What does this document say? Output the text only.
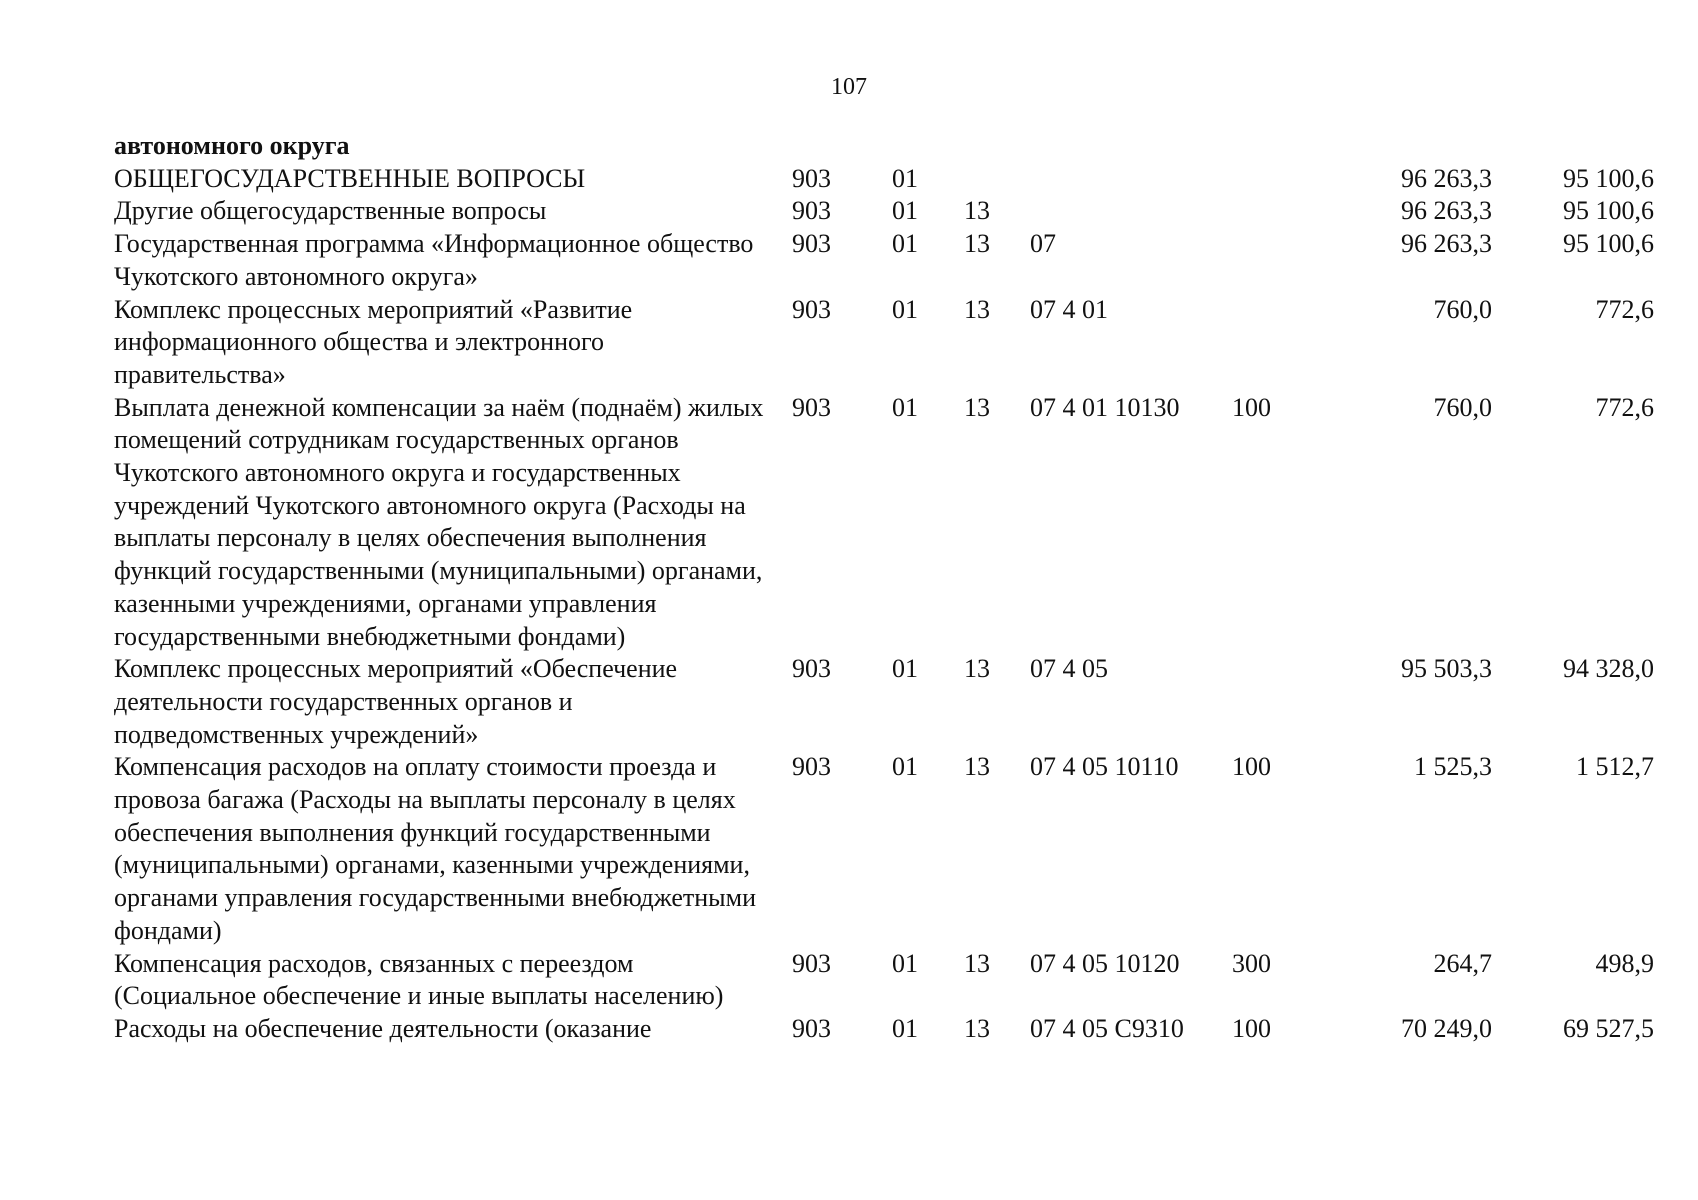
107
автономного округа							
ОБЩЕГОСУДАРСТВЕННЫЕ ВОПРОСЫ	903	01				96 263,3	95 100,6
Другие общегосударственные вопросы	903	01	13			96 263,3	95 100,6
Государственная программа «Информационное общество Чукотского автономного округа»	903	01	13	07		96 263,3	95 100,6
Комплекс процессных мероприятий «Развитие информационного общества и электронного правительства»	903	01	13	07 4 01		760,0	772,6
Выплата денежной компенсации за наём (поднаём) жилых помещений сотрудникам государственных органов Чукотского автономного округа и государственных учреждений Чукотского автономного округа (Расходы на выплаты персоналу в целях обеспечения выполнения функций государственными (муниципальными) органами, казенными учреждениями, органами управления государственными внебюджетными фондами)	903	01	13	07 4 01 10130	100	760,0	772,6
Комплекс процессных мероприятий «Обеспечение деятельности государственных органов и подведомственных учреждений»	903	01	13	07 4 05		95 503,3	94 328,0
Компенсация расходов на оплату стоимости проезда и провоза багажа (Расходы на выплаты персоналу в целях обеспечения выполнения функций государственными (муниципальными) органами, казенными учреждениями, органами управления государственными внебюджетными фондами)	903	01	13	07 4 05 10110	100	1 525,3	1 512,7
Компенсация расходов, связанных с переездом (Социальное обеспечение и иные выплаты населению)	903	01	13	07 4 05 10120	300	264,7	498,9
Расходы на обеспечение деятельности (оказание	903	01	13	07 4 05 С9310	100	70 249,0	69 527,5
